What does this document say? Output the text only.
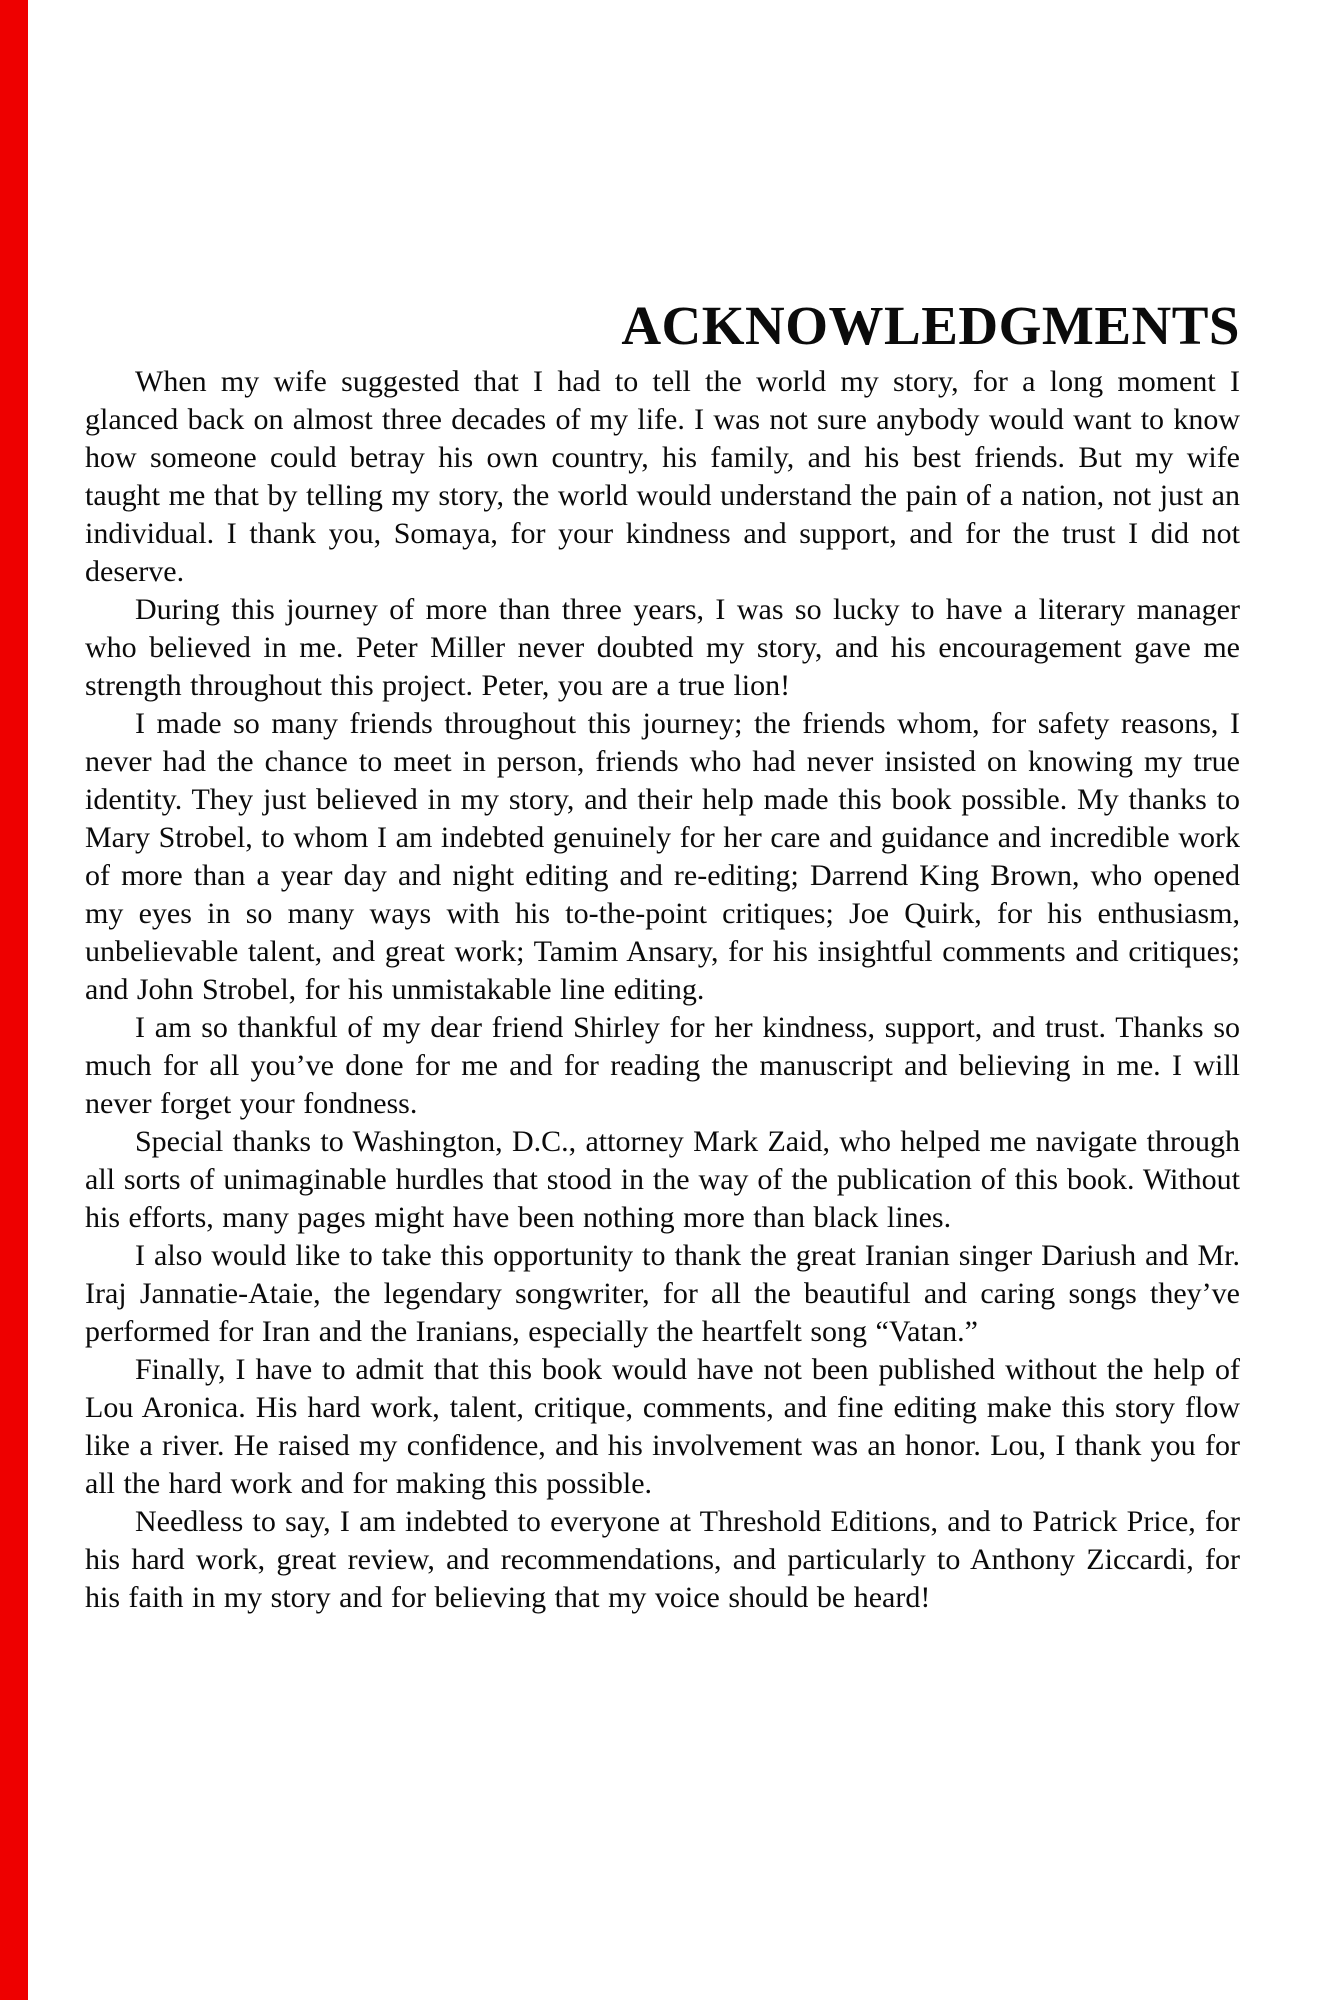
ACKNOWLEDGMENTS

When my wife suggested that I had to tell the world my story, for a long moment I glanced back on almost three decades of my life. I was not sure anybody would want to know how someone could betray his own country, his family, and his best friends. But my wife taught me that by telling my story, the world would understand the pain of a nation, not just an individual. I thank you, Somaya, for your kindness and support, and for the trust I did not deserve.

During this journey of more than three years, I was so lucky to have a literary manager who believed in me. Peter Miller never doubted my story, and his encouragement gave me strength throughout this project. Peter, you are a true lion!

I made so many friends throughout this journey; the friends whom, for safety reasons, I never had the chance to meet in person, friends who had never insisted on knowing my true identity. They just believed in my story, and their help made this book possible. My thanks to Mary Strobel, to whom I am indebted genuinely for her care and guidance and incredible work of more than a year day and night editing and re-editing; Darrend King Brown, who opened my eyes in so many ways with his to-the-point critiques; Joe Quirk, for his enthusiasm, unbelievable talent, and great work; Tamim Ansary, for his insightful comments and critiques; and John Strobel, for his unmistakable line editing.

I am so thankful of my dear friend Shirley for her kindness, support, and trust. Thanks so much for all you’ve done for me and for reading the manuscript and believing in me. I will never forget your fondness.

Special thanks to Washington, D.C., attorney Mark Zaid, who helped me navigate through all sorts of unimaginable hurdles that stood in the way of the publication of this book. Without his efforts, many pages might have been nothing more than black lines.

I also would like to take this opportunity to thank the great Iranian singer Dariush and Mr. Iraj Jannatie-Ataie, the legendary songwriter, for all the beautiful and caring songs they’ve performed for Iran and the Iranians, especially the heartfelt song “Vatan.”

Finally, I have to admit that this book would have not been published without the help of Lou Aronica. His hard work, talent, critique, comments, and fine editing make this story flow like a river. He raised my confidence, and his involvement was an honor. Lou, I thank you for all the hard work and for making this possible.

Needless to say, I am indebted to everyone at Threshold Editions, and to Patrick Price, for his hard work, great review, and recommendations, and particularly to Anthony Ziccardi, for his faith in my story and for believing that my voice should be heard!
